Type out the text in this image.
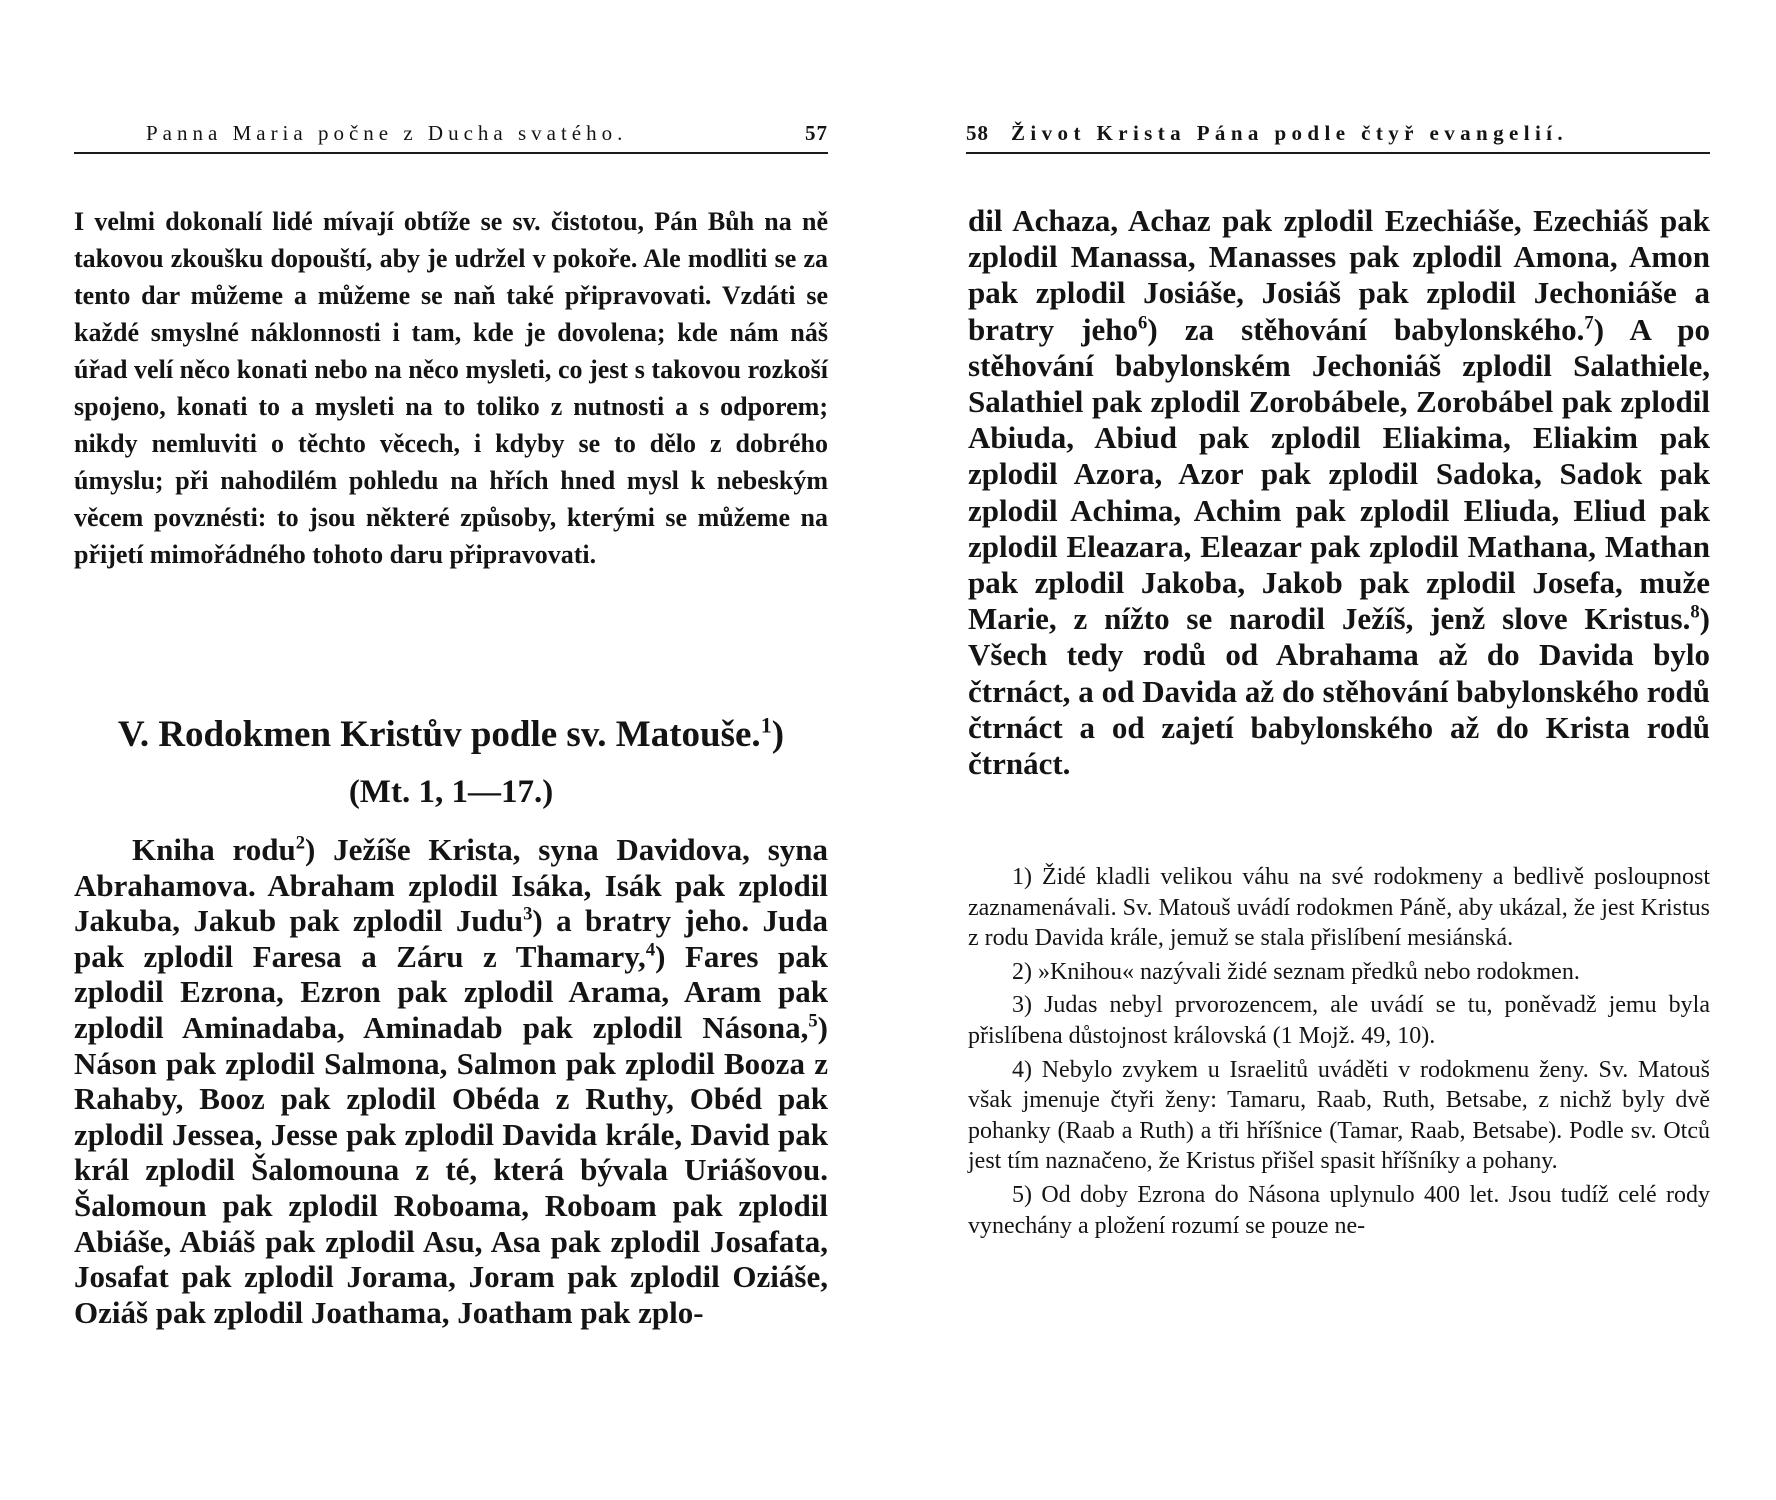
Panna Maria počne z Ducha svatého.	57

I velmi dokonalí lidé mívají obtíže se sv. čistotou, Pán Bůh na ně takovou zkoušku dopouští, aby je udržel v pokoře. Ale modliti se za tento dar můžeme a můžeme se naň také připravovati. Vzdáti se každé smyslné náklonnosti i tam, kde je dovolena; kde nám náš úřad velí něco konati nebo na něco mysleti, co jest s takovou rozkoší spojeno, konati to a mysleti na to toliko z nutnosti a s odporem; nikdy nemluviti o těchto věcech, i kdyby se to dělo z dobrého úmyslu; při nahodilém pohledu na hřích hned mysl k nebeským věcem povznésti: to jsou některé způsoby, kterými se můžeme na přijetí mimořádného tohoto daru připravovati.

V. Rodokmen Kristův podle sv. Matouše.$^1$)
(Mt. 1, 1—17.)

Kniha rodu$^2$) Ježíše Krista, syna Davidova, syna Abrahamova. Abraham zplodil Isáka, Isák pak zplodil Jakuba, Jakub pak zplodil Judu$^3$) a bratry jeho. Juda pak zplodil Faresa a Záru z Thamary,$^4$) Fares pak zplodil Ezrona, Ezron pak zplodil Arama, Aram pak zplodil Aminadaba, Aminadab pak zplodil Násona,$^5$) Náson pak zplodil Salmona, Salmon pak zplodil Booza z Rahaby, Booz pak zplodil Obéda z Ruthy, Obéd pak zplodil Jessea, Jesse pak zplodil Davida krále, David pak král zplodil Šalomouna z té, která bývala Uriášovou. Šalomoun pak zplodil Roboama, Roboam pak zplodil Abiáše, Abiáš pak zplodil Asu, Asa pak zplodil Josafata, Josafat pak zplodil Jorama, Joram pak zplodil Oziáše, Oziáš pak zplodil Joathama, Joatham pak zplo-

58 Život Krista Pána podle čtyř evangelií.

dil Achaza, Achaz pak zplodil Ezechiáše, Ezechiáš pak zplodil Manassa, Manasses pak zplodil Amona, Amon pak zplodil Josiáše, Josiáš pak zplodil Jechoniáše a bratry jeho$^6$) za stěhování babylonského.$^7$) A po stěhování babylonském Jechoniáš zplodil Salathiele, Salathiel pak zplodil Zorobábele, Zorobábel pak zplodil Abiuda, Abiud pak zplodil Eliakima, Eliakim pak zplodil Azora, Azor pak zplodil Sadoka, Sadok pak zplodil Achima, Achim pak zplodil Eliuda, Eliud pak zplodil Eleazara, Eleazar pak zplodil Mathana, Mathan pak zplodil Jakoba, Jakob pak zplodil Josefa, muže Marie, z nížto se narodil Ježíš, jenž slove Kristus.$^8$) Všech tedy rodů od Abrahama až do Davida bylo čtrnáct, a od Davida až do stěhování babylonského rodů čtrnáct a od zajetí babylonského až do Krista rodů čtrnáct.

1) Židé kladli velikou váhu na své rodokmeny a bedlivě posloupnost zaznamenávali. Sv. Matouš uvádí rodokmen Páně, aby ukázal, že jest Kristus z rodu Davida krále, jemuž se stala přislíbení mesiánská.

2) »Knihou« nazývali židé seznam předků nebo rodokmen.

3) Judas nebyl prvorozencem, ale uvádí se tu, poněvadž jemu byla přislíbena důstojnost královská (1 Mojž. 49, 10).

4) Nebylo zvykem u Israelitů uváděti v rodokmenu ženy. Sv. Matouš však jmenuje čtyři ženy: Tamaru, Raab, Ruth, Betsabe, z nichž byly dvě pohanky (Raab a Ruth) a tři hříšnice (Tamar, Raab, Betsabe). Podle sv. Otců jest tím naznačeno, že Kristus přišel spasit hříšníky a pohany.

5) Od doby Ezrona do Násona uplynulo 400 let. Jsou tudíž celé rody vynechány a pložení rozumí se pouze ne-
